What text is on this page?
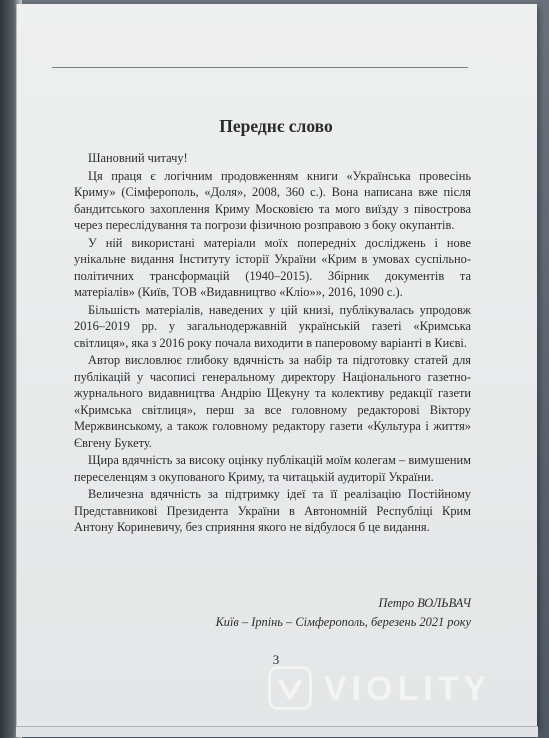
Переднє слово

Шановний читачу!

Ця праця є логічним продовженням книги «Українська провесінь Криму» (Сімферополь, «Доля», 2008, 360 с.). Вона написана вже після бандитського захоплення Криму Московією та мого виїзду з півострова через переслідування та погрози фізичною розправою з боку окупантів.

У ній використані матеріали моїх попередніх досліджень і нове унікальне видання Інституту історії України «Крим в умовах суспільно-політичних трансформацій (1940–2015). Збірник документів та матеріалів» (Київ, ТОВ «Видавництво «Кліо»», 2016, 1090 с.).

Більшість матеріалів, наведених у цій книзі, публікувалась упродовж 2016–2019 рр. у загальнодержавній українській газеті «Кримська світлиця», яка з 2016 року почала виходити в паперовому варіанті в Києві.

Автор висловлює глибоку вдячність за набір та підготовку статей для публікацій у часописі генеральному директору Національного газетно-журнального видавництва Андрію Щекуну та колективу редакції газети «Кримська світлиця», перш за все головному редакторові Віктору Мержвинському, а також головному редактору газети «Культура і життя» Євгену Букету.

Щира вдячність за високу оцінку публікацій моїм колегам – вимушеним переселенцям з окупованого Криму, та читацькій аудиторії України.

Величезна вдячність за підтримку ідеї та її реалізацію Постійному Представникові Президента України в Автономній Республіці Крим Антону Кориневичу, без сприяння якого не відбулося б це видання.

Петро ВОЛЬВАЧ
Київ – Ірпінь – Сімферополь, березень 2021 року
3
VIOLITY
